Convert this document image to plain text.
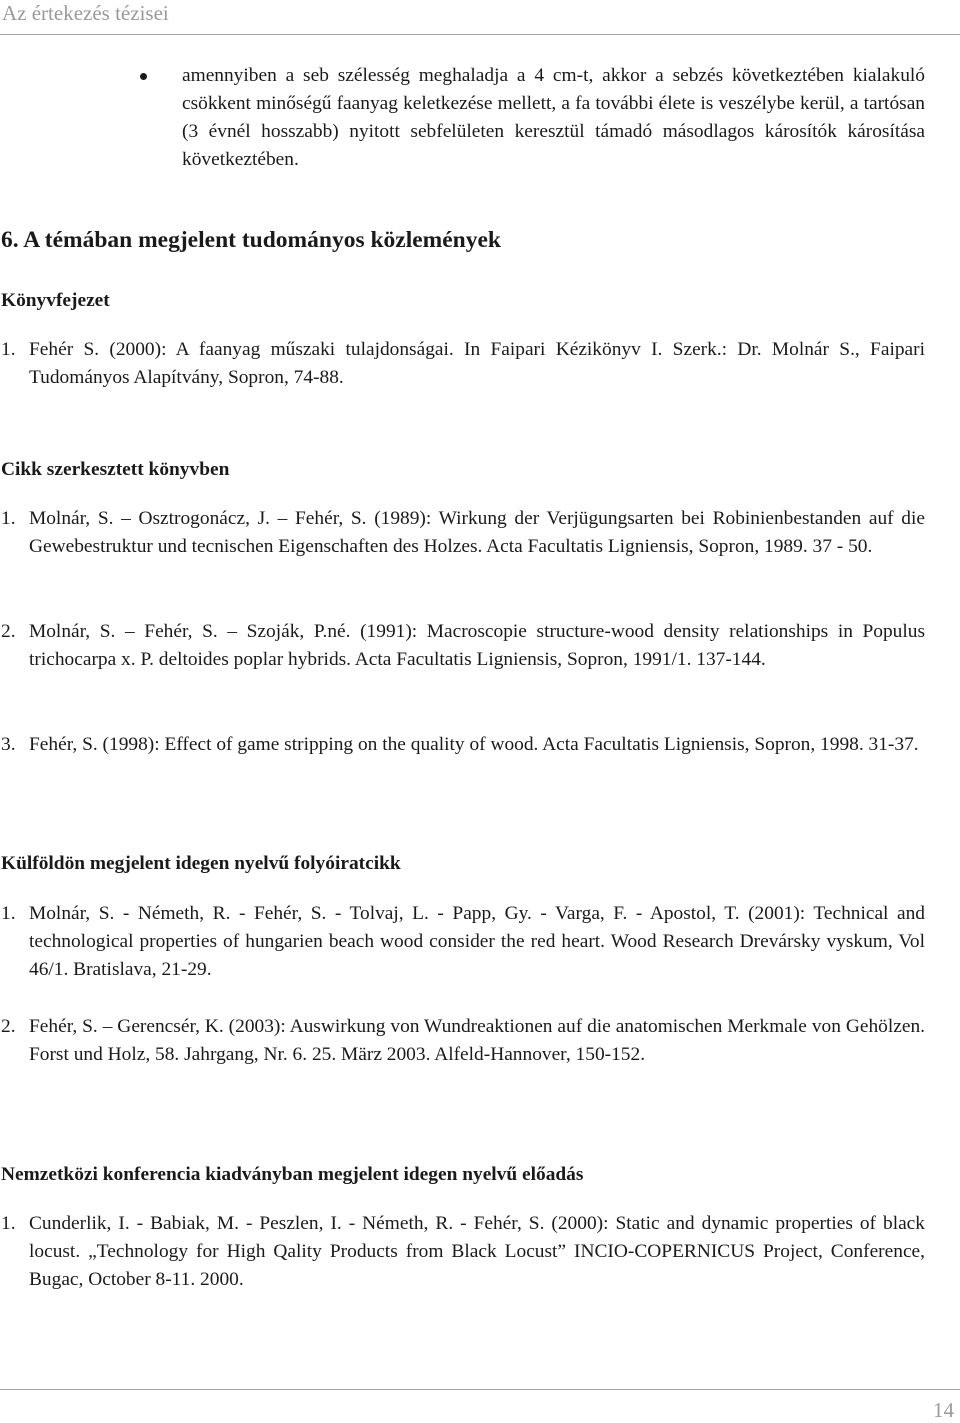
Az értekezés tézisei
amennyiben a seb szélesség meghaladja a 4 cm-t, akkor a sebzés következtében kialakuló csökkent minőségű faanyag keletkezése mellett, a fa további élete is veszélybe kerül, a tartósan (3 évnél hosszabb) nyitott sebfelületen keresztül támadó másodlagos károsítók károsítása következtében.
6. A témában megjelent tudományos közlemények
Könyvfejezet
1. Fehér S. (2000): A faanyag műszaki tulajdonságai. In Faipari Kézikönyv I. Szerk.: Dr. Molnár S., Faipari Tudományos Alapítvány, Sopron, 74-88.
Cikk szerkesztett könyvben
1. Molnár, S. – Osztrogonácz, J. – Fehér, S. (1989): Wirkung der Verjügungsarten bei Robinienbestanden auf die Gewebestruktur und tecnischen Eigenschaften des Holzes. Acta Facultatis Ligniensis, Sopron, 1989. 37 - 50.
2. Molnár, S. – Fehér, S. – Szoják, P.né. (1991): Macroscopie structure-wood density relationships in Populus trichocarpa x. P. deltoides poplar hybrids. Acta Facultatis Ligniensis, Sopron, 1991/1. 137-144.
3. Fehér, S. (1998): Effect of game stripping on the quality of wood. Acta Facultatis Ligniensis, Sopron, 1998. 31-37.
Külföldön megjelent idegen nyelvű folyóiratcikk
1. Molnár, S. - Németh, R. - Fehér, S. - Tolvaj, L. - Papp, Gy. - Varga, F. - Apostol, T. (2001): Technical and technological properties of hungarien beach wood consider the red heart. Wood Research Drevársky vyskum, Vol 46/1. Bratislava, 21-29.
2. Fehér, S. – Gerencsér, K. (2003): Auswirkung von Wundreaktionen auf die anatomischen Merkmale von Gehölzen. Forst und Holz, 58. Jahrgang, Nr. 6. 25. März 2003. Alfeld-Hannover, 150-152.
Nemzetközi konferencia kiadványban megjelent idegen nyelvű előadás
1. Cunderlik, I. - Babiak, M. - Peszlen, I. - Németh, R. - Fehér, S. (2000): Static and dynamic properties of black locust. „Technology for High Qality Products from Black Locust” INCIO-COPERNICUS Project, Conference, Bugac, October 8-11. 2000.
14
